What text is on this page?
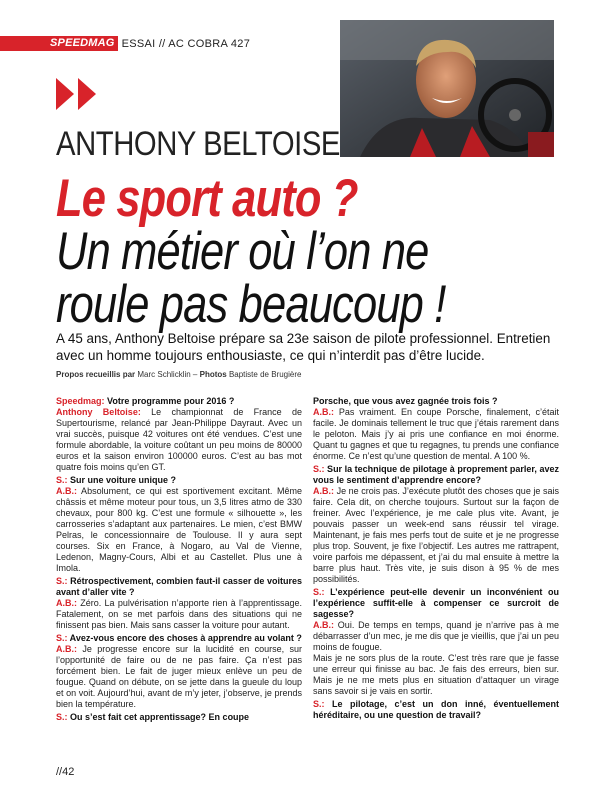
SPEEDMAG ESSAI // AC COBRA 427
ANTHONY BELTOISE
Le sport auto ?
Un métier où l’on ne
roule pas beaucoup !

A 45 ans, Anthony Beltoise prépare sa 23e saison de pilote professionnel. Entretien avec un homme toujours enthousiaste, ce qui n’interdit pas d’être lucide.

Propos recueillis par Marc Schlicklin – Photos Baptiste de Brugière

Speedmag: Votre programme pour 2016 ?

Anthony Beltoise: Le championnat de France de Supertourisme, relancé par Jean-Philippe Dayraut. Avec un vrai succès, puisque 42 voitures ont été vendues. C’est une formule abordable, la voiture coûtant un peu moins de 80000 euros et la saison environ 100000 euros. C’est au bas mot quatre fois moins qu’en GT.

S.: Sur une voiture unique ?

A.B.: Absolument, ce qui est sportivement excitant. Même châssis et même moteur pour tous, un 3,5 litres atmo de 330 chevaux, pour 800 kg. C’est une formule « silhouette », les carrosseries s’adaptant aux partenaires. Le mien, c’est BMW Pelras, le concessionnaire de Toulouse. Il y aura sept courses. Six en France, à Nogaro, au Val de Vienne, Ledenon, Magny-Cours, Albi et au Castellet. Plus une à Imola.

S.: Rétrospectivement, combien faut-il casser de voitures avant d’aller vite ?

A.B.: Zéro. La pulvérisation n’apporte rien à l’apprentissage. Fatalement, on se met parfois dans des situations qui ne finissent pas bien. Mais sans casser la voiture pour autant.

S.: Avez-vous encore des choses à apprendre au volant ?

A.B.: Je progresse encore sur la lucidité en course, sur l’opportunité de faire ou de ne pas faire. Ça n’est pas forcément bien. Le fait de juger mieux enlève un peu de fougue. Quand on débute, on se jette dans la gueule du loup et on voit. Aujourd’hui, avant de m’y jeter, j’observe, je prends bien la température.

S.: Ou s’est fait cet apprentissage? En coupe

Porsche, que vous avez gagnée trois fois ?

A.B.: Pas vraiment. En coupe Porsche, finalement, c’était facile. Je dominais tellement le truc que j’étais rarement dans le peloton. Mais j’y ai pris une confiance en moi énorme. Quant tu gagnes et que tu regagnes, tu prends une confiance énorme. Ce n’est qu’une question de mental. A 100 %.

S.: Sur la technique de pilotage à proprement parler, avez vous le sentiment d’apprendre encore?

A.B.: Je ne crois pas. J’exécute plutôt des choses que je sais faire. Cela dit, on cherche toujours. Surtout sur la façon de freiner. Avec l’expérience, je me cale plus vite. Avant, je pouvais passer un week-end sans réussir tel virage. Maintenant, je fais mes perfs tout de suite et je ne progresse plus trop. Souvent, je fixe l’objectif. Les autres me rattrapent, voire parfois me dépassent, et j’ai du mal ensuite à mettre la barre plus haut. Très vite, je suis dison à 95 % de mes possibilités.

S.: L’expérience peut-elle devenir un inconvénient ou l’expérience suffit-elle à compenser ce surcroit de sagesse?

A.B.: Oui. De temps en temps, quand je n’arrive pas à me débarrasser d’un mec, je me dis que je vieillis, que j’ai un peu moins de fougue.

Mais je ne sors plus de la route. C’est très rare que je fasse une erreur qui finisse au bac. Je fais des erreurs, bien sur. Mais je ne me mets plus en situation d’attaquer un virage sans savoir si je vais en sortir.

S.: Le pilotage, c’est un don inné, éventuellement héréditaire, ou une question de travail?

//42
